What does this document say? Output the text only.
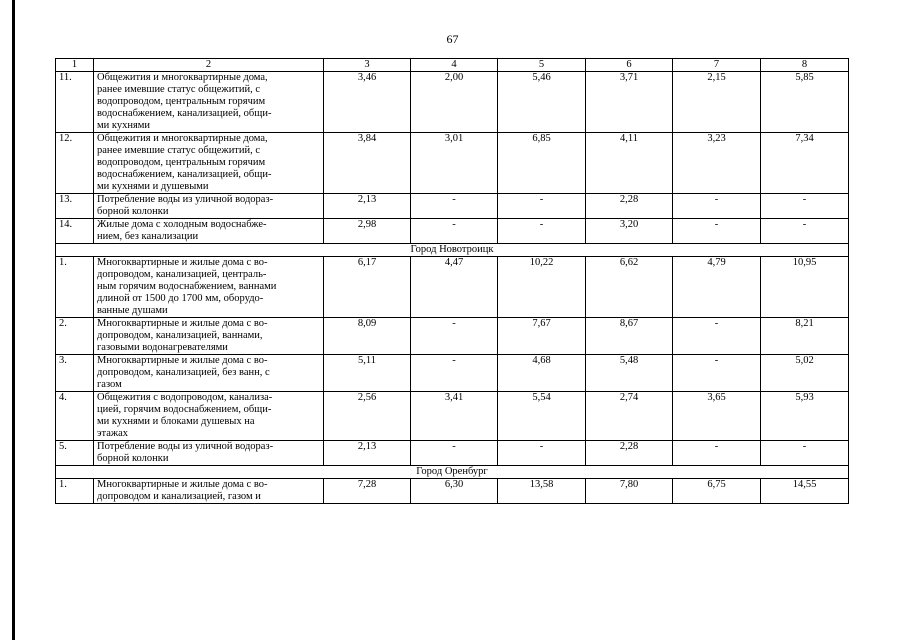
67
1	2	3	4	5	6	7	8
11.	Общежития и многоквартирные дома,
ранее имевшие статус общежитий, с
водопроводом, центральным горячим
водоснабжением, канализацией, общи-
ми кухнями	3,46	2,00	5,46	3,71	2,15	5,85
12.	Общежития и многоквартирные дома,
ранее имевшие статус общежитий, с
водопроводом, центральным горячим
водоснабжением, канализацией, общи-
ми кухнями и душевыми	3,84	3,01	6,85	4,11	3,23	7,34
13.	Потребление воды из уличной водораз-
борной колонки	2,13	-	-	2,28	-	-
14.	Жилые дома с холодным водоснабже-
нием, без канализации	2,98	-	-	3,20	-	-
Город Новотроицк							
1.	Многоквартирные и жилые дома с во-
допроводом, канализацией, централь-
ным горячим водоснабжением, ваннами
длиной от 1500 до 1700 мм, оборудо-
ванные душами	6,17	4,47	10,22	6,62	4,79	10,95
2.	Многоквартирные и жилые дома с во-
допроводом, канализацией, ваннами,
газовыми водонагревателями	8,09	-	7,67	8,67	-	8,21
3.	Многоквартирные и жилые дома с во-
допроводом, канализацией, без ванн, с
газом	5,11	-	4,68	5,48	-	5,02
4.	Общежития с водопроводом, канализа-
цией, горячим водоснабжением, общи-
ми кухнями и блоками душевых на
этажах	2,56	3,41	5,54	2,74	3,65	5,93
5.	Потребление воды из уличной водораз-
борной колонки	2,13	-	-	2,28	-	-
Город Оренбург							
1.	Многоквартирные и жилые дома с во-
допроводом и канализацией, газом и	7,28	6,30	13,58	7,80	6,75	14,55
